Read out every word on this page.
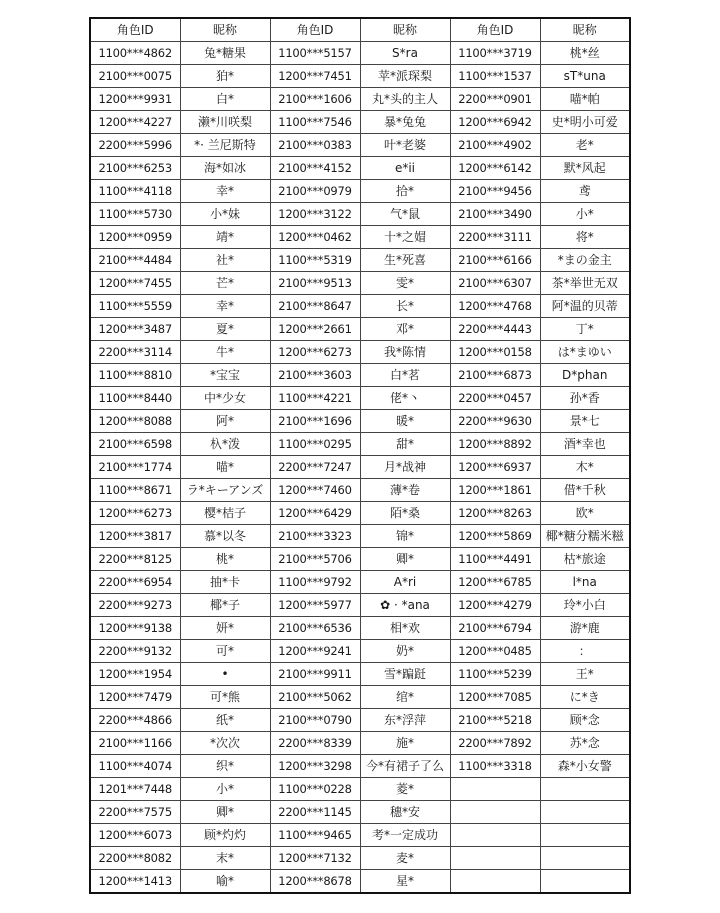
角色ID	昵称	角色ID	昵称	角色ID	昵称
1100***4862	兔*糖果	1100***5157	S*ra	1100***3719	桃*丝
2100***0075	狛*	1200***7451	苹*派琛梨	1100***1537	sT*una
1200***9931	白*	2100***1606	丸*头的主人	2200***0901	喵*帕
1200***4227	濑*川咲梨	1100***7546	暴*兔兔	1200***6942	史*明小可爱
2200***5996	*· 兰尼斯特	2100***0383	叶*老婆	2100***4902	老*
2100***6253	海*如冰	2100***4152	e*ii	1200***6142	默*风起
1100***4118	幸*	2100***0979	拾*	2100***9456	鸢
1100***5730	小*妹	1200***3122	气*鼠	2100***3490	小*
1200***0959	靖*	1200***0462	十*之媢	2200***3111	将*
2100***4484	社*	1100***5319	生*死喜	2100***6166	*まの金主
1200***7455	芒*	2100***9513	雯*	2100***6307	茶*举世无双
1100***5559	幸*	2100***8647	长*	1200***4768	阿*温的贝蒂
1200***3487	夏*	1200***2661	邓*	2200***4443	丁*
2200***3114	牛*	1200***6273	我*陈情	1200***0158	は*まゆい
1100***8810	*宝宝	2100***3603	白*茗	2100***6873	D*phan
1100***8440	中*少女	1100***4221	佬*丶	2200***0457	孙*香
1200***8088	阿*	2100***1696	暖*	2200***9630	景*七
2100***6598	杁*泼	1100***0295	甜*	1200***8892	酒*幸也
2100***1774	喵*	2200***7247	月*战神	1200***6937	木*
1100***8671	ラ*キーアンズ	1200***7460	薄*卷	1200***1861	借*千秋
1200***6273	樱*桔子	1200***6429	陌*桑	1200***8263	欧*
1200***3817	慕*以冬	2100***3323	锦*	1200***5869	椰*糖分糯米糍
2200***8125	桃*	2100***5706	卿*	1100***4491	枯*旅途
2200***6954	抽*卡	1100***9792	A*ri	1200***6785	l*na
2200***9273	椰*子	1200***5977	✿ · *ana	1200***4279	玲*小白
1200***9138	妍*	2100***6536	相*欢	2100***6794	游*鹿
2200***9132	可*	1200***9241	奶*	1200***0485	：
1200***1954	•	2100***9911	雪*蹁跹	1100***5239	王*
1200***7479	可*熊	2100***5062	绾*	1200***7085	に*き
2200***4866	纸*	2100***0790	东*浮萍	2100***5218	顾*念
2100***1166	*次次	2200***8339	施*	2200***7892	苏*念
1100***4074	织*	1200***3298	今*有裙子了么	1100***3318	森*小女警
1201***7448	小*	1100***0228	菱*		
2200***7575	卿*	2200***1145	穗*安		
1200***6073	顾*灼灼	1100***9465	考*一定成功		
2200***8082	末*	1200***7132	麦*		
1200***1413	喻*	1200***8678	星*		
